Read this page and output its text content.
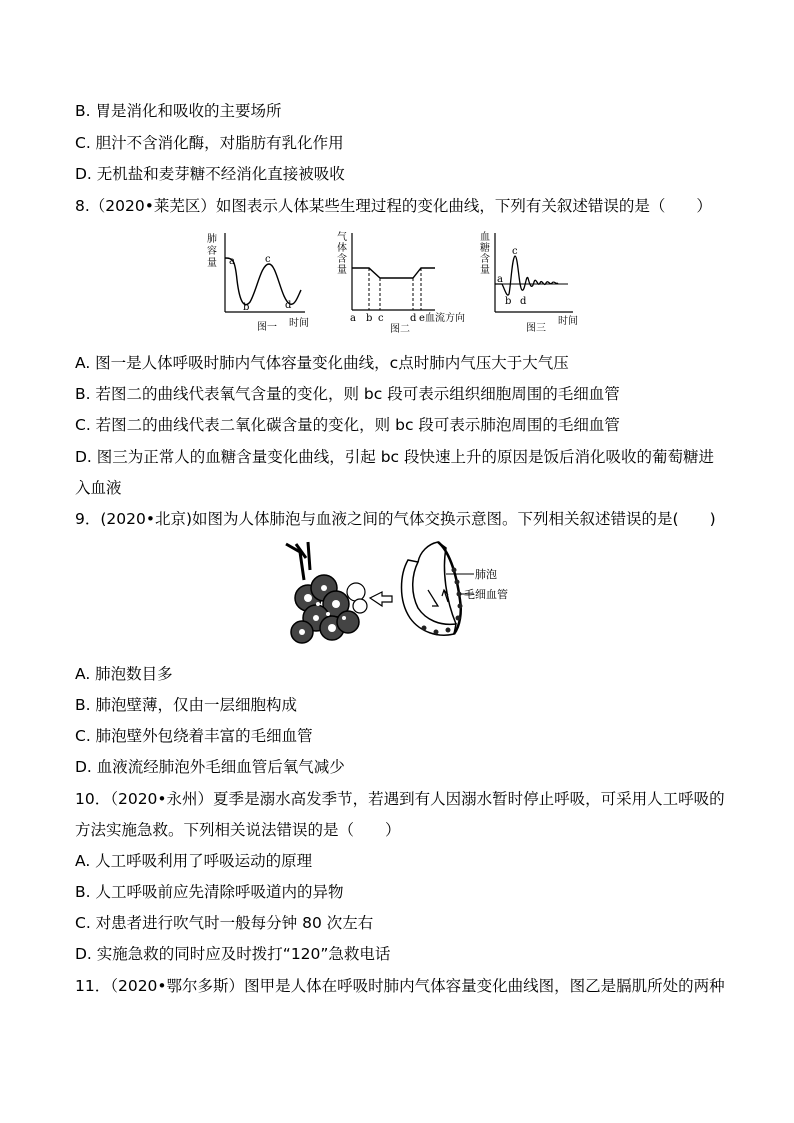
B. 胃是消化和吸收的主要场所
C. 胆汁不含消化酶，对脂肪有乳化作用
D. 无机盐和麦芽糖不经消化直接被吸收
8.（2020•莱芜区）如图表示人体某些生理过程的变化曲线，下列有关叙述错误的是（　　）
肺
容
量 a
b
c
d
图一 时间
气
体
含
量
a b c	d e 血流方向
图二
血
糖
含
量
a
b
c
d
图三
时间
A. 图一是人体呼吸时肺内气体容量变化曲线，c点时肺内气压大于大气压
B. 若图二的曲线代表氧气含量的变化，则 bc 段可表示组织细胞周围的毛细血管
C. 若图二的曲线代表二氧化碳含量的变化，则 bc 段可表示肺泡周围的毛细血管
D. 图三为正常人的血糖含量变化曲线，引起 bc 段快速上升的原因是饭后消化吸收的葡萄糖进
入血液
9．(2020•北京)如图为人体肺泡与血液之间的气体交换示意图。下列相关叙述错误的是(　　)
肺泡
毛细血管
A. 肺泡数目多
B. 肺泡壁薄，仅由一层细胞构成
C. 肺泡壁外包绕着丰富的毛细血管
D. 血液流经肺泡外毛细血管后氧气减少
10．（2020•永州）夏季是溺水高发季节，若遇到有人因溺水暂时停止呼吸，可采用人工呼吸的
方法实施急救。下列相关说法错误的是（　　）
A. 人工呼吸利用了呼吸运动的原理
B. 人工呼吸前应先清除呼吸道内的异物
C. 对患者进行吹气时一般每分钟 80 次左右
D. 实施急救的同时应及时拨打“120”急救电话
11．（2020•鄂尔多斯）图甲是人体在呼吸时肺内气体容量变化曲线图，图乙是膈肌所处的两种
